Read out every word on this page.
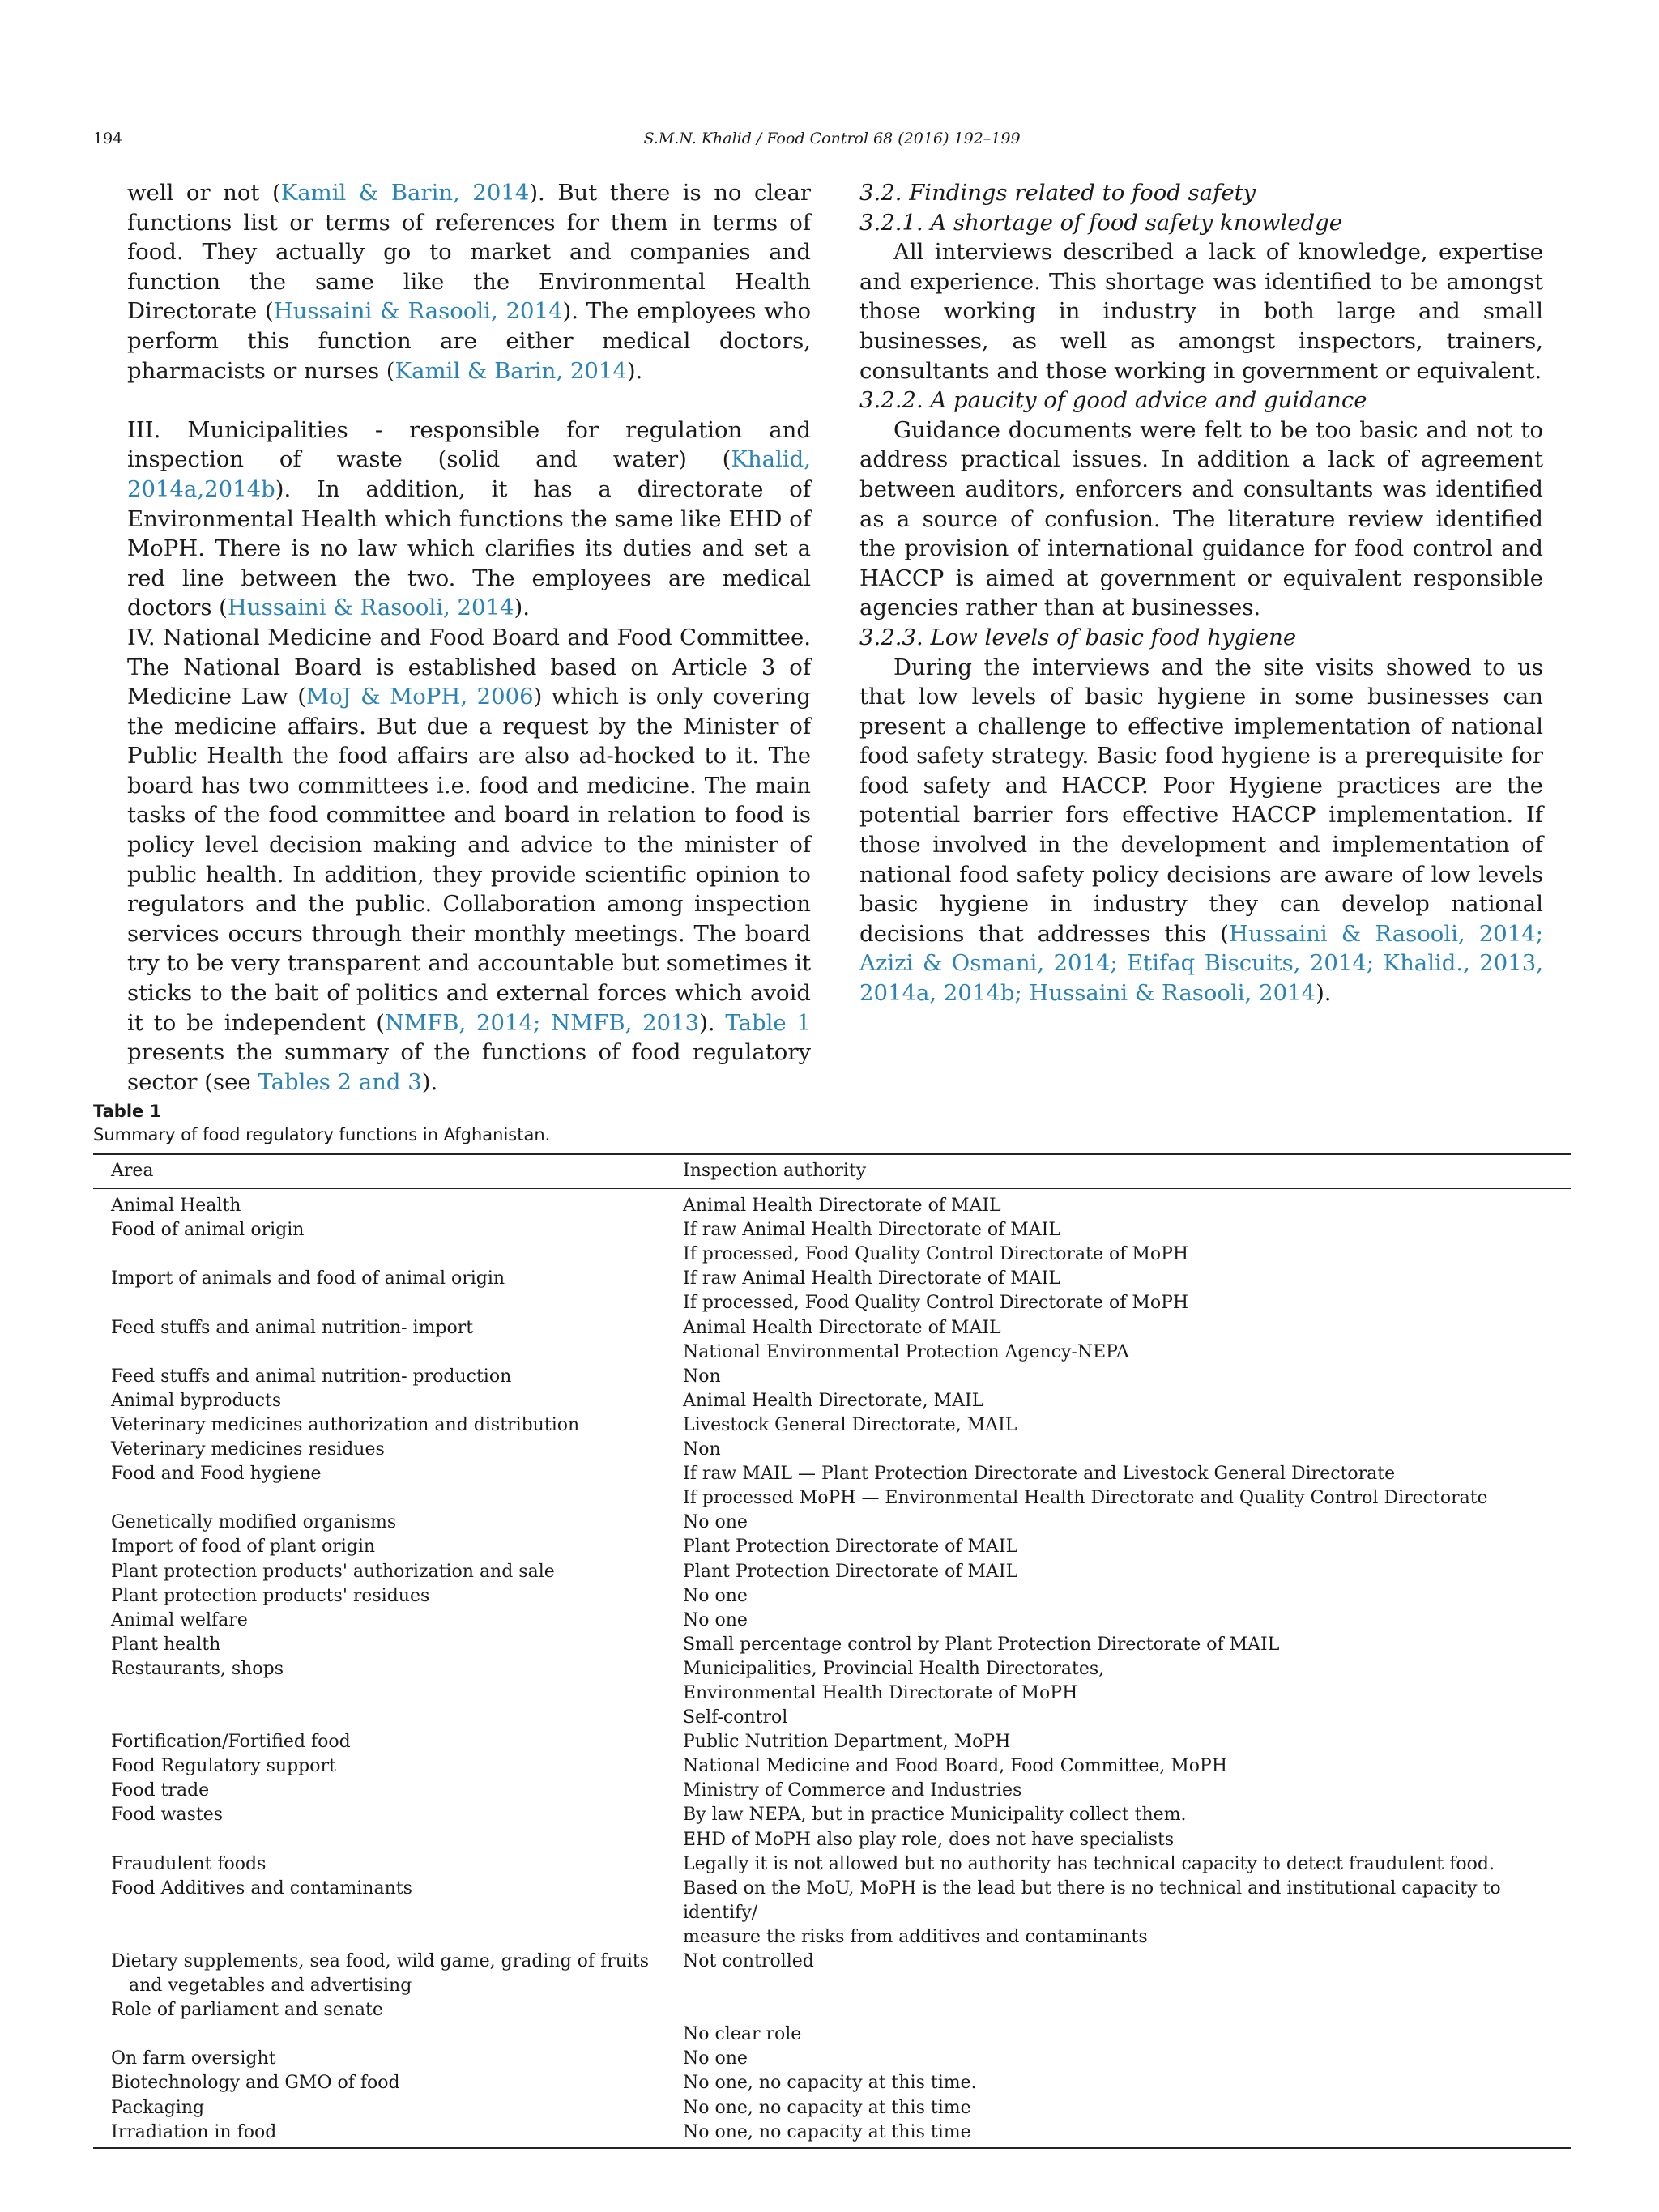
194	S.M.N. Khalid / Food Control 68 (2016) 192–199

well or not (Kamil & Barin, 2014). But there is no clear functions list or terms of references for them in terms of food. They actually go to market and companies and function the same like the Environmental Health Directorate (Hussaini & Rasooli, 2014). The employees who perform this function are either medical doctors, pharmacists or nurses (Kamil & Barin, 2014).

III. Municipalities - responsible for regulation and inspection of waste (solid and water) (Khalid, 2014a,2014b). In addition, it has a directorate of Environmental Health which functions the same like EHD of MoPH. There is no law which clarifies its duties and set a red line between the two. The employees are medical doctors (Hussaini & Rasooli, 2014).

IV. National Medicine and Food Board and Food Committee. The National Board is established based on Article 3 of Medicine Law (MoJ & MoPH, 2006) which is only covering the medicine affairs. But due a request by the Minister of Public Health the food affairs are also ad-hocked to it. The board has two committees i.e. food and medicine. The main tasks of the food committee and board in relation to food is policy level decision making and advice to the minister of public health. In addition, they provide scientific opinion to regulators and the public. Collaboration among inspection services occurs through their monthly meetings. The board try to be very transparent and accountable but sometimes it sticks to the bait of politics and external forces which avoid it to be independent (NMFB, 2014; NMFB, 2013). Table 1 presents the summary of the functions of food regulatory sector (see Tables 2 and 3).

3.2. Findings related to food safety

3.2.1. A shortage of food safety knowledge

All interviews described a lack of knowledge, expertise and experience. This shortage was identified to be amongst those working in industry in both large and small businesses, as well as amongst inspectors, trainers, consultants and those working in government or equivalent.

3.2.2. A paucity of good advice and guidance

Guidance documents were felt to be too basic and not to address practical issues. In addition a lack of agreement between auditors, enforcers and consultants was identified as a source of confusion. The literature review identified the provision of international guidance for food control and HACCP is aimed at government or equivalent responsible agencies rather than at businesses.

3.2.3. Low levels of basic food hygiene

During the interviews and the site visits showed to us that low levels of basic hygiene in some businesses can present a challenge to effective implementation of national food safety strategy. Basic food hygiene is a prerequisite for food safety and HACCP. Poor Hygiene practices are the potential barrier fors effective HACCP implementation. If those involved in the development and implementation of national food safety policy decisions are aware of low levels basic hygiene in industry they can develop national decisions that addresses this (Hussaini & Rasooli, 2014; Azizi & Osmani, 2014; Etifaq Biscuits, 2014; Khalid., 2013, 2014a, 2014b; Hussaini & Rasooli, 2014).

Table 1
Summary of food regulatory functions in Afghanistan.
Area	Inspection authority

Animal Health	Animal Health Directorate of MAIL

Food of animal origin	If raw Animal Health Directorate of MAIL
If processed, Food Quality Control Directorate of MoPH

Import of animals and food of animal origin	If raw Animal Health Directorate of MAIL
If processed, Food Quality Control Directorate of MoPH

Feed stuffs and animal nutrition- import	Animal Health Directorate of MAIL
National Environmental Protection Agency-NEPA

Feed stuffs and animal nutrition- production	Non

Animal byproducts	Animal Health Directorate, MAIL

Veterinary medicines authorization and distribution	Livestock General Directorate, MAIL

Veterinary medicines residues	Non

Food and Food hygiene	If raw MAIL — Plant Protection Directorate and Livestock General Directorate
If processed MoPH — Environmental Health Directorate and Quality Control Directorate

Genetically modified organisms	No one

Import of food of plant origin	Plant Protection Directorate of MAIL

Plant protection products' authorization and sale	Plant Protection Directorate of MAIL

Plant protection products' residues	No one

Animal welfare	No one

Plant health	Small percentage control by Plant Protection Directorate of MAIL

Restaurants, shops	Municipalities, Provincial Health Directorates,
Environmental Health Directorate of MoPH
Self-control

Fortification/Fortified food	Public Nutrition Department, MoPH

Food Regulatory support	National Medicine and Food Board, Food Committee, MoPH

Food trade	Ministry of Commerce and Industries

Food wastes	By law NEPA, but in practice Municipality collect them.
EHD of MoPH also play role, does not have specialists

Fraudulent foods	Legally it is not allowed but no authority has technical capacity to detect fraudulent food.

Food Additives and contaminants	Based on the MoU, MoPH is the lead but there is no technical and institutional capacity to identify/
measure the risks from additives and contaminants

Dietary supplements, sea food, wild game, grading of fruits and vegetables and advertising	Not controlled

Role of parliament and senate	No clear role

On farm oversight	No one

Biotechnology and GMO of food	No one, no capacity at this time.

Packaging	No one, no capacity at this time

Irradiation in food	No one, no capacity at this time
